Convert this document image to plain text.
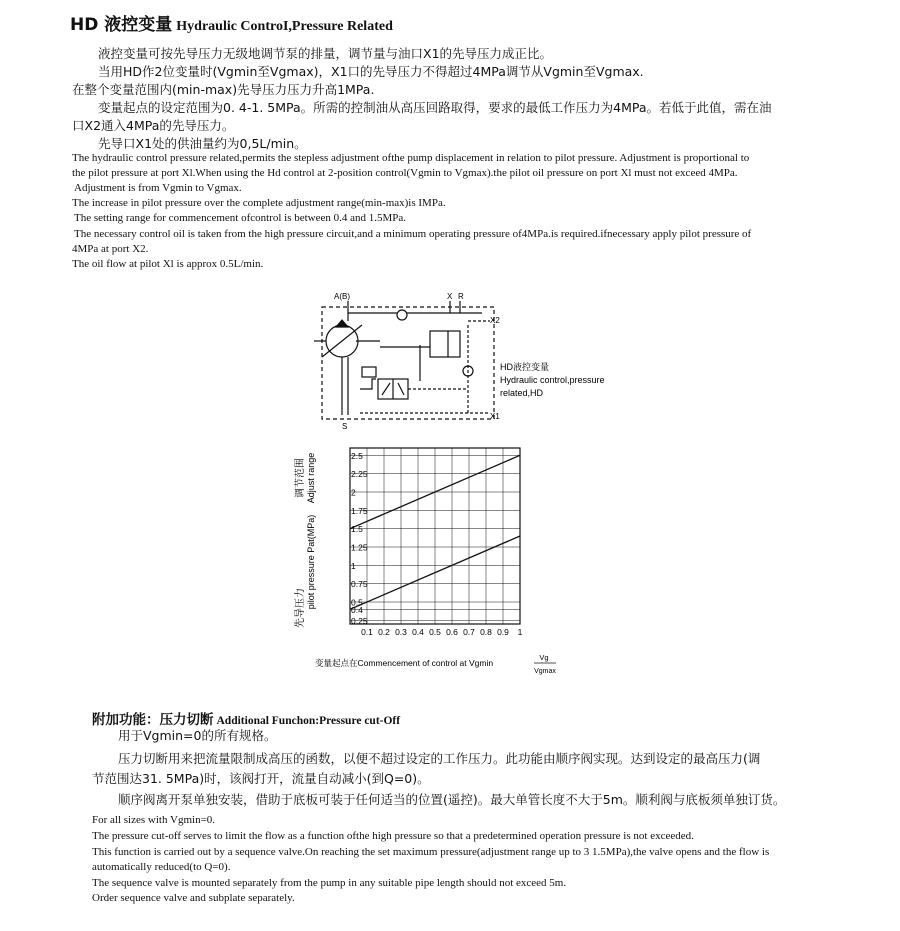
HD 液控变量 Hydraulic ControI,Pressure Related
液控变量可按先导压力无级地调节泵的排量，调节量与油口X1的先导压力成正比。
当用HD作2位变量时(Vgmin至Vgmax)，X1口的先导压力不得超过4MPa调节从Vgmin至Vgmax.
在整个变量范围内(min-max)先导压力压力升高1MPa.
变量起点的设定范围为0. 4-1. 5MPa。所需的控制油从高压回路取得，要求的最低工作压力为4MPa。若低于此值，需在油
口X2通入4MPa的先导压力。
先导口X1处的供油量约为0,5L/min。
The hydraulic control pressure related,permits the stepless adjustment ofthe pump displacement in relation to pilot pressure. Adjustment is proportional to
the pilot pressure at port Xl.When using the Hd control at 2-position control(Vgmin to Vgmax).the pilot oil pressure on port Xl must not exceed 4MPa.
Adjustment is from Vgmin to Vgmax.
The increase in pilot pressure over the complete adjustment range(min-max)is IMPa.
The setting range for commencement ofcontrol is between 0.4 and 1.5MPa.
The necessary control oil is taken from the high pressure circuit,and a minimum operating pressure of4MPa.is required.ifnecessary apply pilot pressure of
4MPa at port X2.
The oil flow at pilot Xl is approx 0.5L/min.
A(B)	X R
X2
X1
S
HD液控变量
Hydraulic control,pressure
related,HD
调节范围 Adjust range
先导压力 pilot pressure Pat(MPa)
2.5
2.25
2
1.75
1.5
1.25
1
0.75
0.5
0.4
0.25
0.1 0.2 0.3 0.4 0.5 0.6 0.7 0.8 0.9 1
变量起点在Commencement of control at Vgmin
Vg
Vgmax
附加功能：压力切断 Additional Funchon:Pressure cut-Off
用于Vgmin=0的所有规格。
压力切断用来把流量限制成高压的函数，以便不超过设定的工作压力。此功能由顺序阀实现。达到设定的最高压力(调
节范围达31. 5MPa)时，该阀打开，流量自动减小(到Q=0)。
顺序阀离开泵单独安装，借助于底板可装于任何适当的位置(遥控)。最大单管长度不大于5m。顺利阀与底板须单独订货。
For all sizes with Vgmin=0.
The pressure cut-off serves to limit the flow as a function ofthe high pressure so that a predetermined operation pressure is not exceeded.
This function is carried out by a sequence valve.On reaching the set maximum pressure(adjustment range up to 3 1.5MPa),the valve opens and the flow is
automatically reduced(to Q=0).
The sequence valve is mounted separately from the pump in any suitable pipe length should not exceed 5m.
Order sequence valve and subplate separately.
